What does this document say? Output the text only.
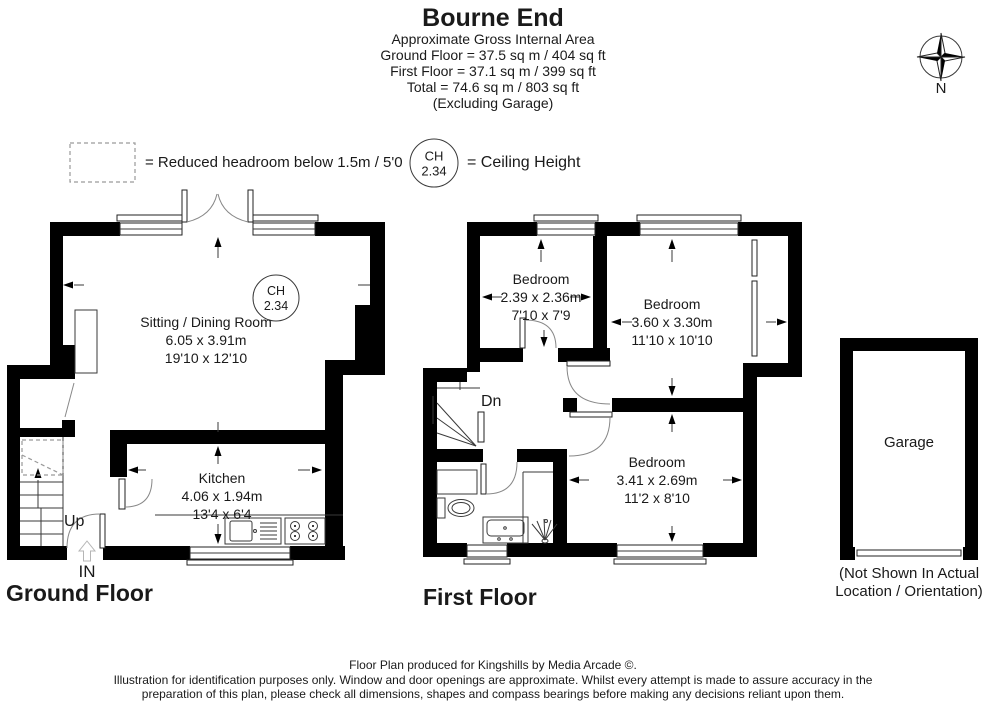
Bourne End
Approximate Gross Internal Area
Ground Floor = 37.5 sq m / 404 sq ft
First Floor = 37.1 sq m / 399 sq ft
Total = 74.6 sq m / 803 sq ft
(Excluding Garage)
= Reduced headroom below 1.5m / 5'0 CH
2.34 = Ceiling Height
N
Sitting / Dining Room
6.05 x 3.91m
19'10 x 12'10
CH
2.34
Kitchen
4.06 x 1.94m
13'4 x 6'4
Up
IN
Ground Floor
Bedroom
2.39 x 2.36m
7'10 x 7'9
Bedroom
3.60 x 3.30m
11'10 x 10'10
Bedroom
3.41 x 2.69m
11'2 x 8'10
Dn
First Floor
Garage
(Not Shown In Actual
Location / Orientation)
Floor Plan produced for Kingshills by Media Arcade ©.
Illustration for identification purposes only. Window and door openings are approximate. Whilst every attempt is made to assure accuracy in the
preparation of this plan, please check all dimensions, shapes and compass bearings before making any decisions reliant upon them.
